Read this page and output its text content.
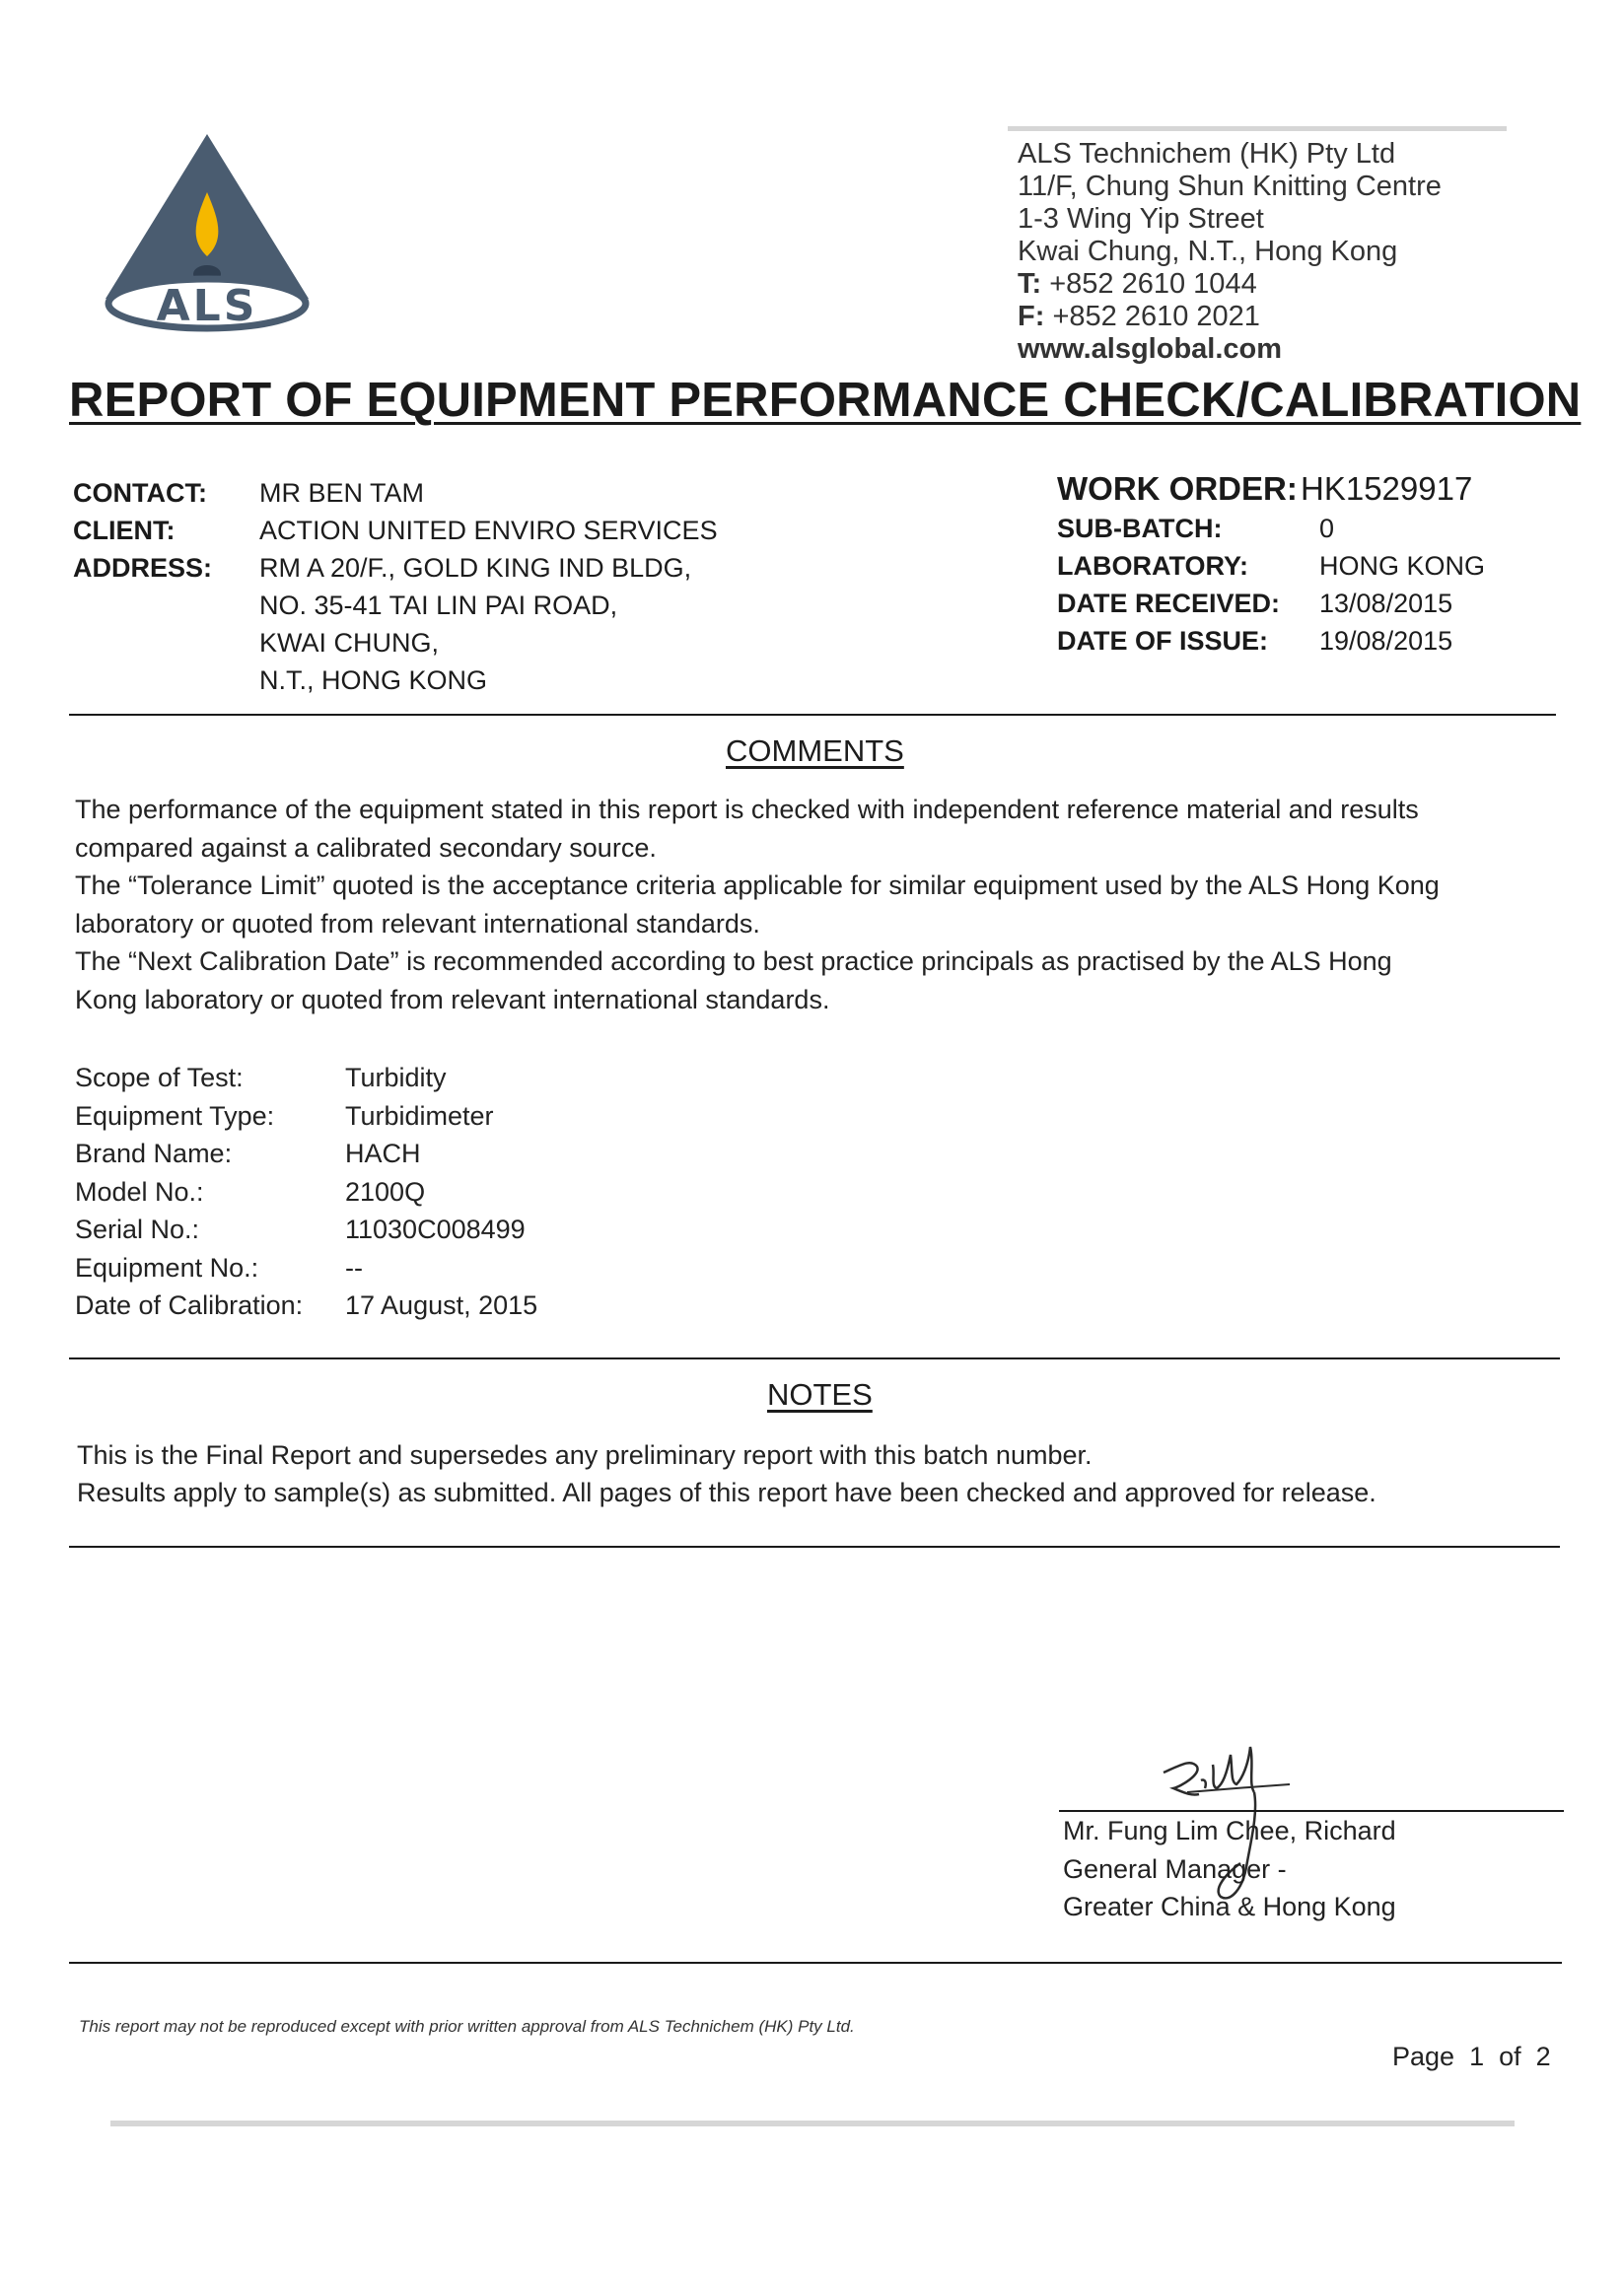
ALS
ALS Technichem (HK) Pty Ltd
11/F, Chung Shun Knitting Centre
1-3 Wing Yip Street
Kwai Chung, N.T., Hong Kong
T: +852 2610 1044
F: +852 2610 2021
www.alsglobal.com
REPORT OF EQUIPMENT PERFORMANCE CHECK/CALIBRATION
CONTACT: MR BEN TAM
CLIENT:	ACTION UNITED ENVIRO SERVICES
ADDRESS:	RM A 20/F., GOLD KING IND BLDG,
NO. 35-41 TAI LIN PAI ROAD,
KWAI CHUNG,
N.T., HONG KONG
WORK ORDER:HK1529917
SUB-BATCH:	0
LABORATORY:	HONG KONG
DATE RECEIVED: 13/08/2015
DATE OF ISSUE: 19/08/2015
COMMENTS
The performance of the equipment stated in this report is checked with independent reference material and results
compared against a calibrated secondary source.
The “Tolerance Limit” quoted is the acceptance criteria applicable for similar equipment used by the ALS Hong Kong
laboratory or quoted from relevant international standards.
The “Next Calibration Date” is recommended according to best practice principals as practised by the ALS Hong
Kong laboratory or quoted from relevant international standards.
Scope of Test:	Turbidity
Equipment Type:	Turbidimeter
Brand Name:	HACH
Model No.:	2100Q
Serial No.:	11030C008499
Equipment No.:	--
Date of Calibration: 17 August, 2015
NOTES
This is the Final Report and supersedes any preliminary report with this batch number.
Results apply to sample(s) as submitted. All pages of this report have been checked and approved for release.
Mr. Fung Lim Chee, Richard
General Manager -
Greater China & Hong Kong
This report may not be reproduced except with prior written approval from ALS Technichem (HK) Pty Ltd.
Page 1 of 2
